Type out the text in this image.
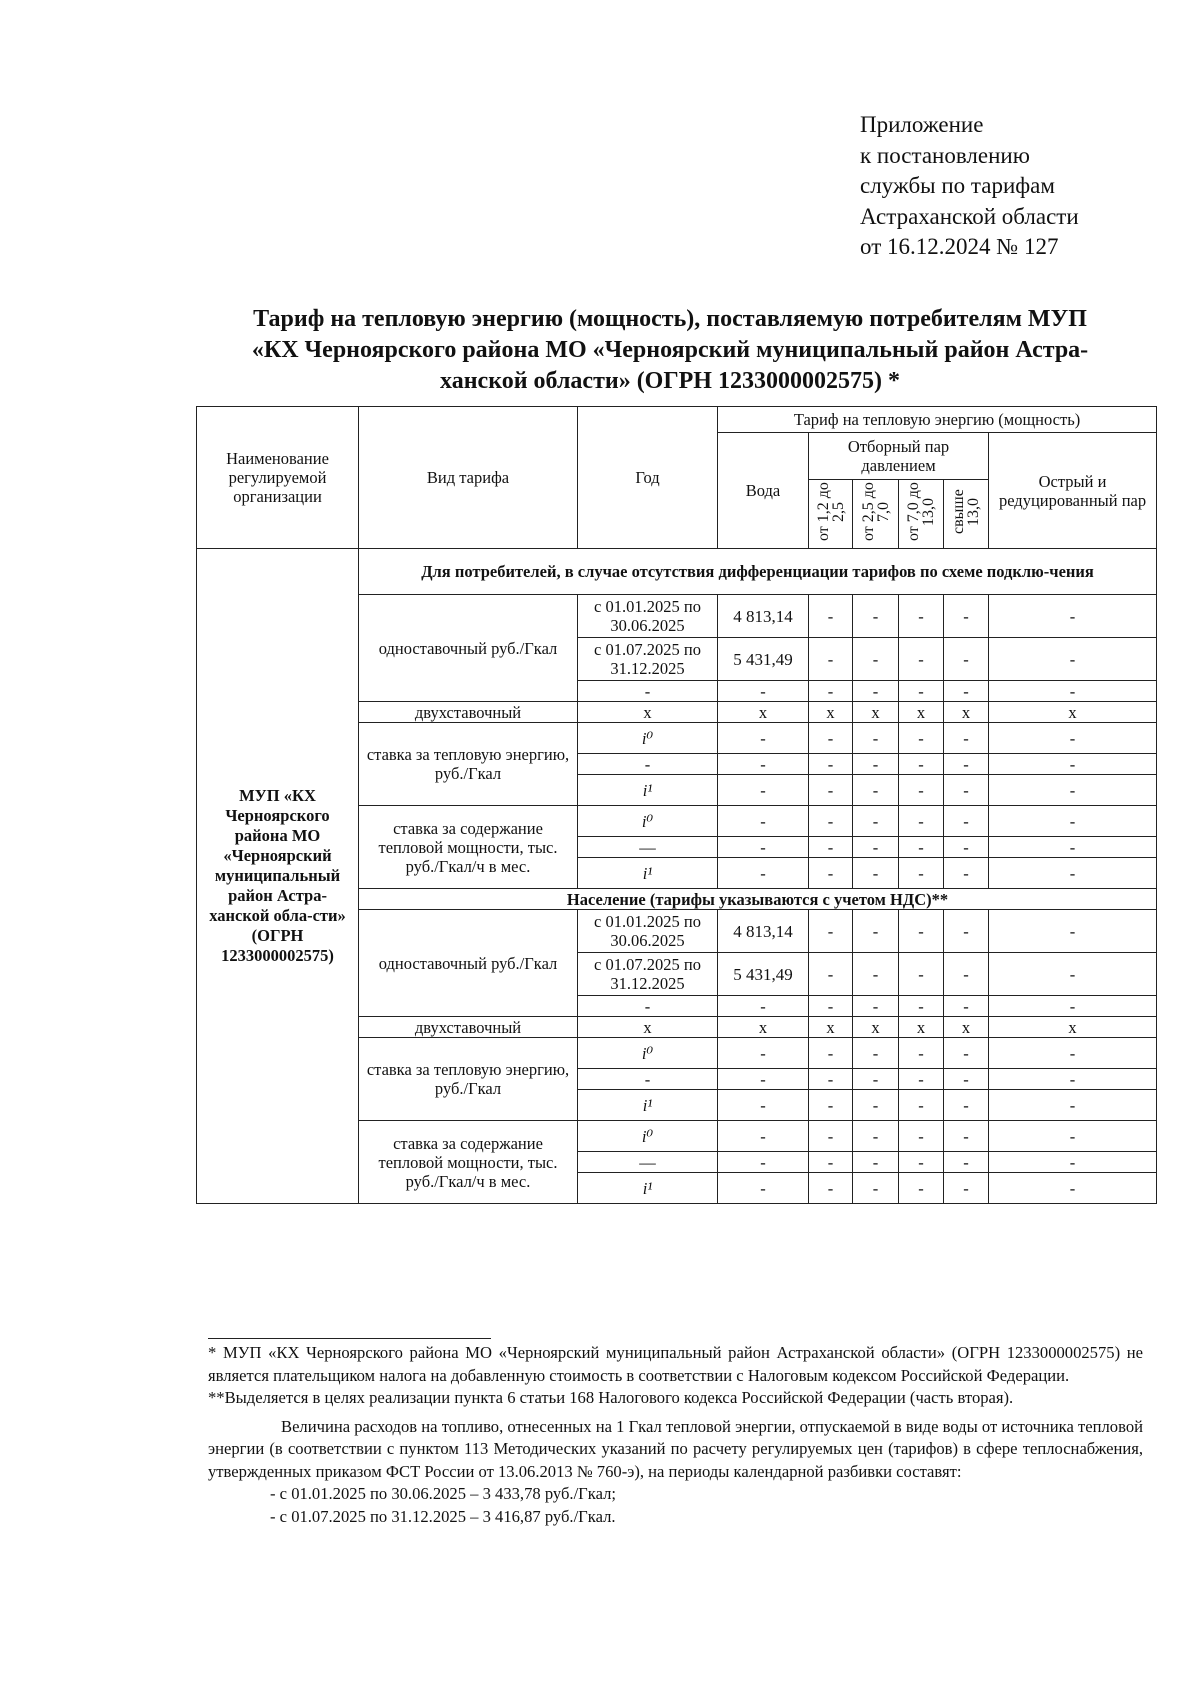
Приложение
к постановлению
службы по тарифам
Астраханской области
от 16.12.2024 № 127
Тариф на тепловую энергию (мощность), поставляемую потребителям МУП
«КХ Черноярского района МО «Черноярский муниципальный район Астра-
ханской области» (ОГРН 1233000002575) *
Наименование регулируемой организации	Вид тарифа	Год	Тариф на тепловую энергию (мощность)					
			Вода	Отборный пар давлением				Острый и редуцированный пар
				от 1,2 до 2,5	от 2,5 до 7,0	от 7,0 до 13,0	свыше 13,0	
МУП «КХ Черноярского района МО «Черноярский муниципальный район Астра-ханской обла-сти» (ОГРН 1233000002575)	Для потребителей, в случае отсутствия дифференциации тарифов по схеме подклю-чения							
	одноставочный руб./Гкал	с 01.01.2025 по 30.06.2025	4 813,14	-	-	-	-	-
		с 01.07.2025 по 31.12.2025	5 431,49	-	-	-	-	-
		-	-	-	-	-	-	-
	двухставочный	х	х	х	х	х	х	х
	ставка за тепловую энергию, руб./Гкал	i⁰	-	-	-	-	-	-
		-	-	-	-	-	-	-
		i¹	-	-	-	-	-	-
	ставка за содержание тепловой мощности, тыс. руб./Гкал/ч в мес.	i⁰	-	-	-	-	-	-
		—	-	-	-	-	-	-
		i¹	-	-	-	-	-	-
	Население (тарифы указываются с учетом НДС)**							
	одноставочный руб./Гкал	с 01.01.2025 по 30.06.2025	4 813,14	-	-	-	-	-
		с 01.07.2025 по 31.12.2025	5 431,49	-	-	-	-	-
		-	-	-	-	-	-	-
	двухставочный	х	х	х	х	х	х	х
	ставка за тепловую энергию, руб./Гкал	i⁰	-	-	-	-	-	-
		-	-	-	-	-	-	-
		i¹	-	-	-	-	-	-
	ставка за содержание тепловой мощности, тыс. руб./Гкал/ч в мес.	i⁰	-	-	-	-	-	-
		—	-	-	-	-	-	-
		i¹	-	-	-	-	-	-

* МУП «КХ Черноярского района МО «Черноярский муниципальный район Астраханской области» (ОГРН 1233000002575) не является плательщиком налога на добавленную стоимость в соответствии с Налоговым кодексом Российской Федерации.

**Выделяется в целях реализации пункта 6 статьи 168 Налогового кодекса Российской Федерации (часть вторая).

Величина расходов на топливо, отнесенных на 1 Гкал тепловой энергии, отпускаемой в виде воды от источника тепловой энергии (в соответствии с пунктом 113 Методических указаний по расчету регулируемых цен (тарифов) в сфере теплоснабжения, утвержденных приказом ФСТ России от 13.06.2013 № 760-э), на периоды календарной разбивки составят:

- с 01.01.2025 по 30.06.2025 – 3 433,78 руб./Гкал;

- с 01.07.2025 по 31.12.2025 – 3 416,87 руб./Гкал.
